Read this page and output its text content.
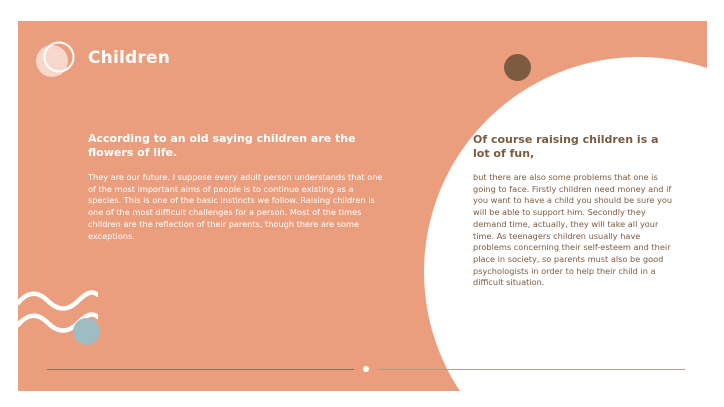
Children
According to an old saying children are the flowers of life.

They are our future. I suppose every adult person understands that one of the most important aims of people is to continue existing as a species. This is one of the basic instincts we follow. Raising children is one of the most difficult challenges for a person. Most of the times children are the reflection of their parents, though there are some exceptions.

Of course raising children is a lot of fun,

but there are also some problems that one is going to face. Firstly children need money and if you want to have a child you should be sure you will be able to support him. Secondly they demand time, actually, they will take all your time. As teenagers children usually have problems concerning their self-esteem and their place in society, so parents must also be good psychologists in order to help their child in a difficult situation.
